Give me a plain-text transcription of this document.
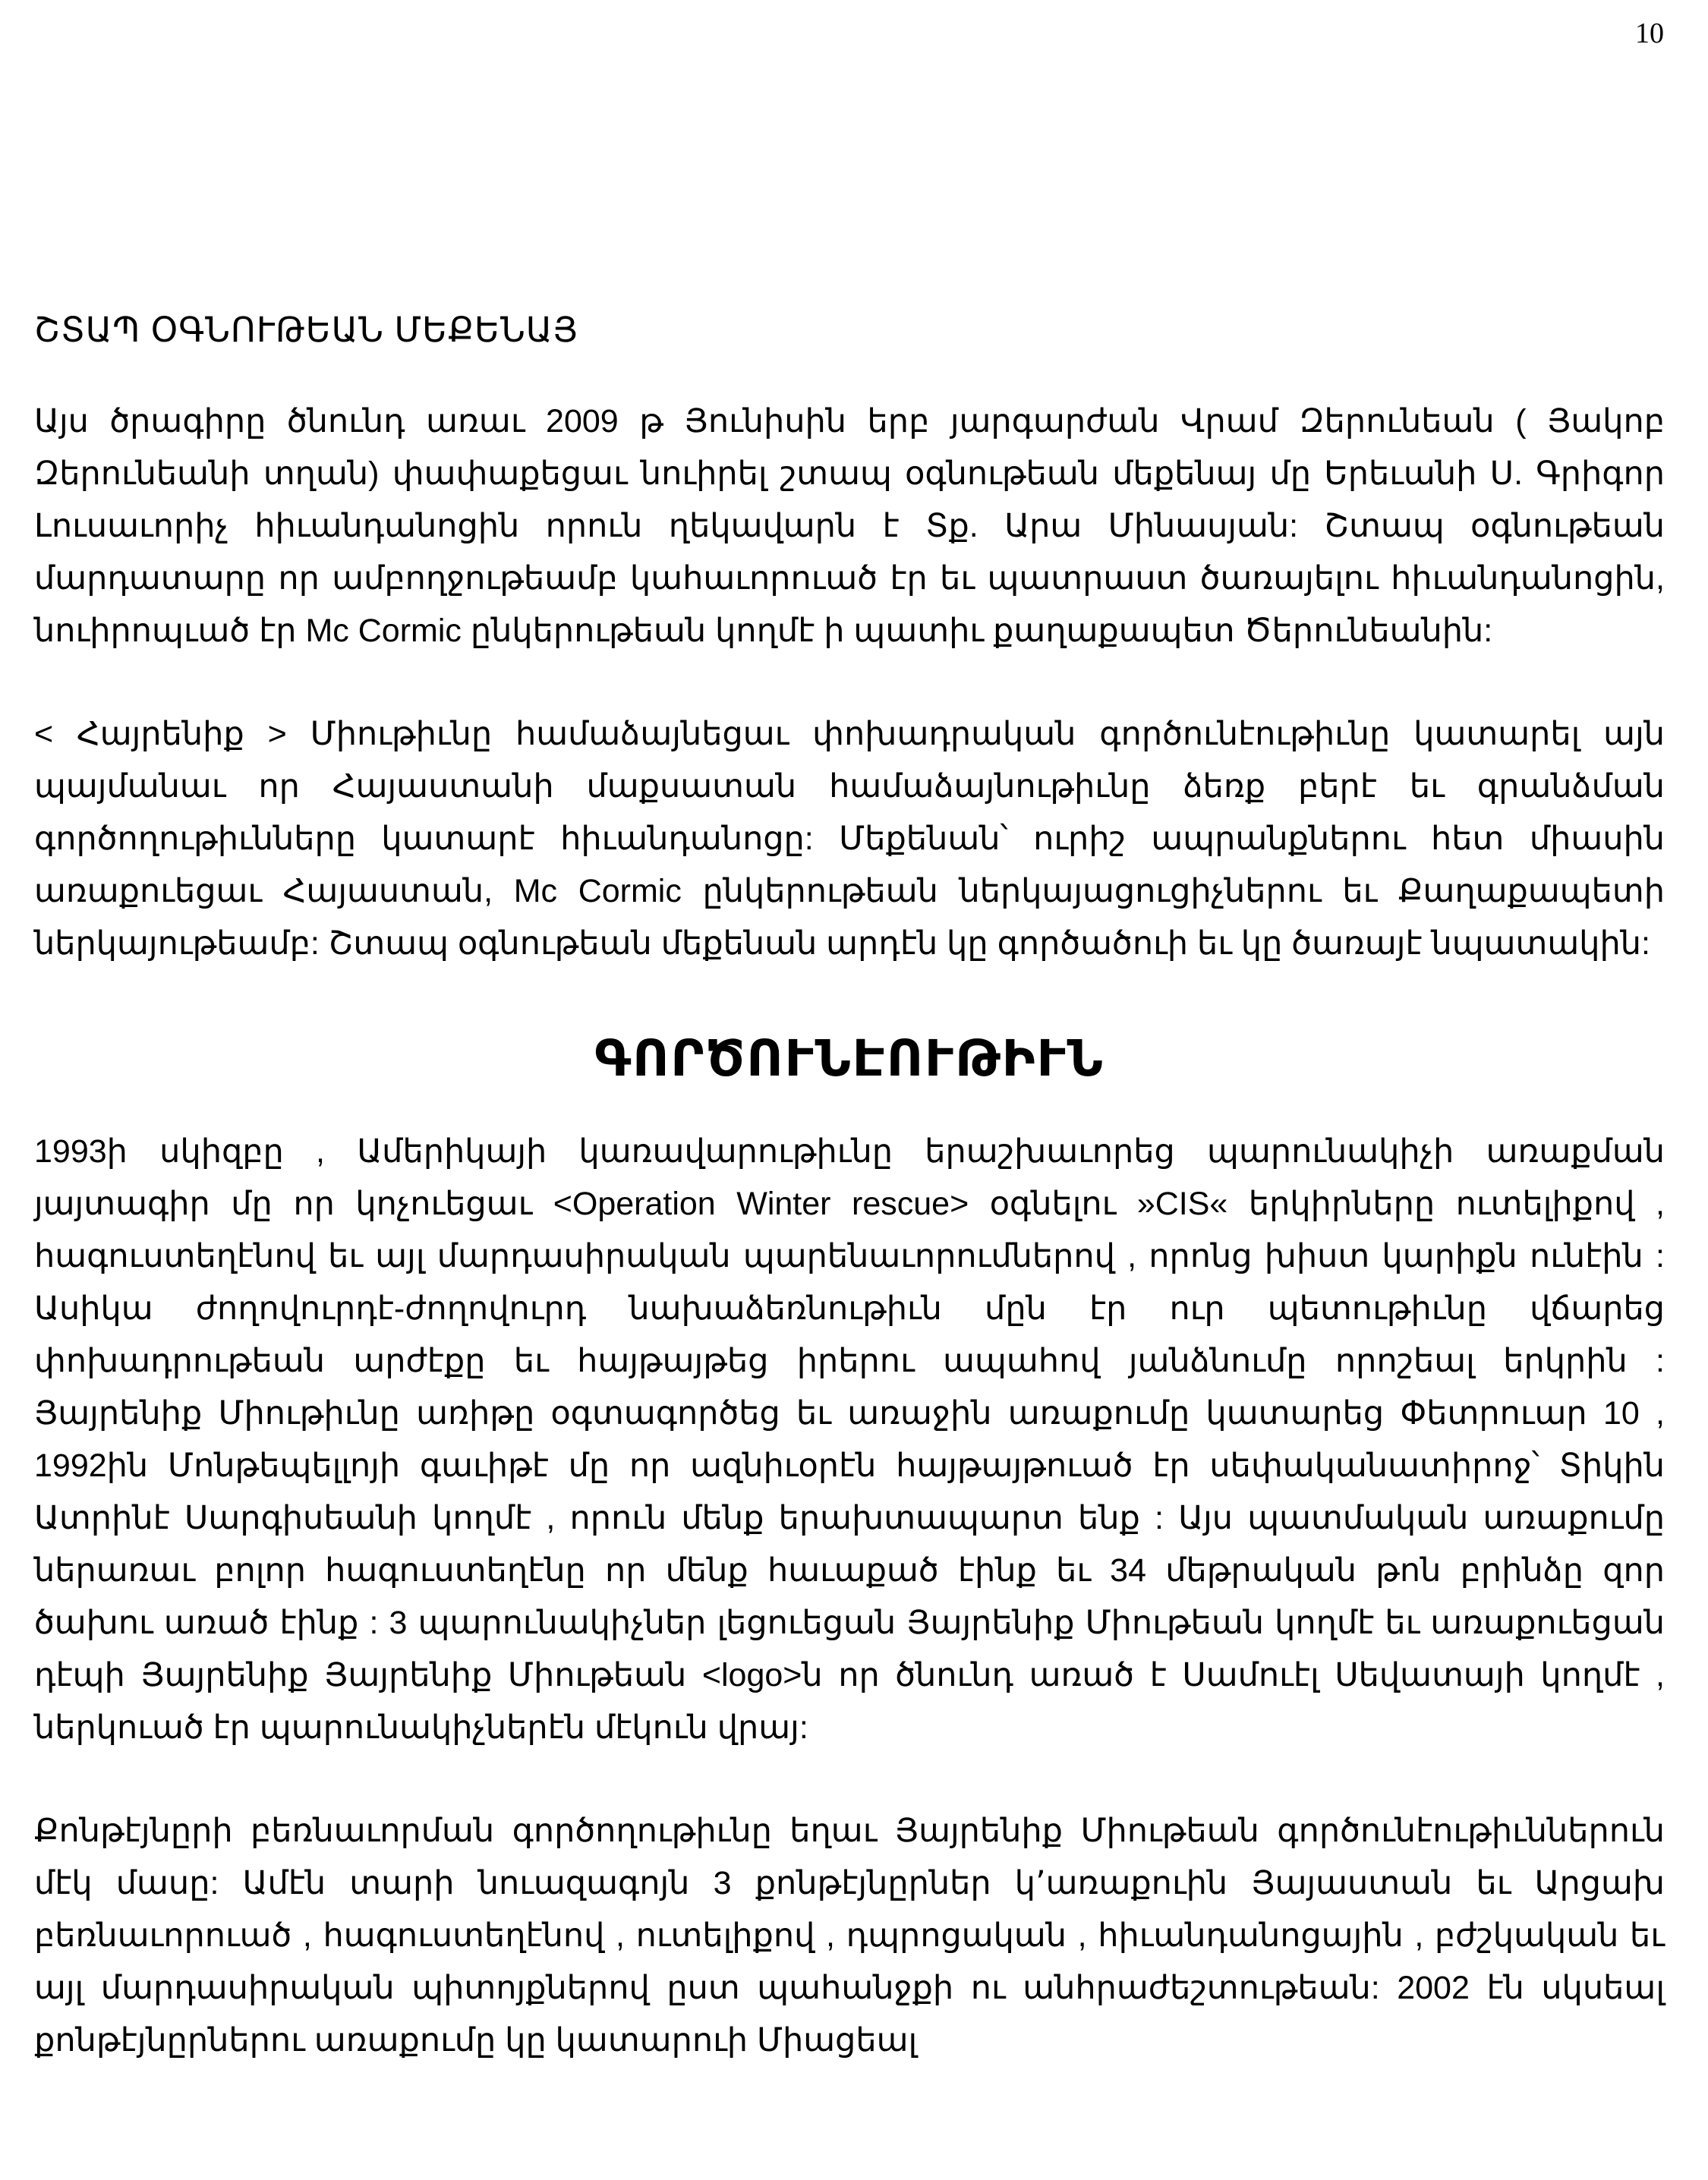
10
ՇՏԱՊ ՕԳՆՈՒԹԵԱՆ ՄԵՔԵՆԱՅ

Այս ծրագիրը ծնունդ առաւ 2009 թ Յունիսին երբ յարգարժան Վրամ Զերունեան ( Յակոբ Զերունեանի տղան) փափաքեցաւ նուիրել շտապ օգնութեան մեքենայ մը Երեւանի Ս. Գրիգոր Լուսաւորիչ հիւանդանոցին որուն ղեկավարն է Տք. Արա Մինասյան: Շտապ օգնութեան մարդատարը որ ամբողջութեամբ կահաւորուած էր եւ պատրաստ ծառայելու հիւանդանոցին, նուիրոպւած էր Mc Cormic ընկերութեան կողմէ ի պատիւ քաղաքապետ Ծերունեանին:

< Հայրենիք > Միութիւնը համաձայնեցաւ փոխադրական գործունէութիւնը կատարել այն պայմանաւ որ Հայաստանի մաքսատան համաձայնութիւնը ձեռք բերէ եւ գրանձման գործողութիւնները կատարէ հիւանդանոցը: Մեքենան՝ ուրիշ ապրանքներու հետ միասին առաքուեցաւ Հայաստան, Mc Cormic ընկերութեան ներկայացուցիչներու եւ Քաղաքապետի ներկայութեամբ: Շտապ օգնութեան մեքենան արդէն կը գործածուի եւ կը ծառայէ նպատակին:

ԳՈՐԾՈՒՆԷՈՒԹԻՒՆ

1993ի սկիզբը , Ամերիկայի կառավարութիւնը երաշխաւորեց պարունակիչի առաքման յայտագիր մը որ կոչուեցաւ <Operation Winter rescue> օգնելու »CIS« երկիրները ուտելիքով , հագուստեղէնով եւ այլ մարդասիրական պարենաւորումներով , որոնց խիստ կարիքն ունէին : Ասիկա ժողովուրդէ-ժողովուրդ նախաձեռնութիւն մըն էր ուր պետութիւնը վճարեց փոխադրութեան արժէքը եւ հայթայթեց իրերու ապահով յանձնումը որոշեալ երկրին : Յայրենիք Միութիւնը առիթը օգտագործեց եւ առաջին առաքումը կատարեց Փետրուար 10 , 1992ին Մոնթեպելլոյի գաւիթէ մը որ ազնիւօրէն հայթայթուած էր սեփականատիրոջ՝ Տիկին Ատրինէ Սարգիսեանի կողմէ , որուն մենք երախտապարտ ենք : Այս պատմական առաքումը ներառաւ բոլոր հագուստեղէնը որ մենք հաւաքած էինք եւ 34 մեթրական թոն բրինձը զոր ծախու առած էինք : 3 պարունակիչներ լեցուեցան Յայրենիք Միութեան կողմէ եւ առաքուեցան դէպի Յայրենիք Յայրենիք Միութեան <logo>ն որ ծնունդ առած է Սամուէլ Սեվատայի կողմէ , ներկուած էր պարունակիչներէն մէկուն վրայ:

Քոնթէյնըրի բեռնաւորման գործողութիւնը եղաւ Յայրենիք Միութեան գործունէութիւններուն մէկ մասը: Ամէն տարի նուազագոյն 3 քոնթէյնըրներ կ՚առաքուին Յայաստան եւ Արցախ բեռնաւորուած , հագուստեղէնով , ուտելիքով , դպրոցական , հիւանդանոցային , բժշկական եւ այլ մարդասիրական պիտոյքներով ըստ պահանջքի ու անհրաժեշտութեան: 2002 էն սկսեալ քոնթէյնըրներու առաքումը կը կատարուի Միացեալ
